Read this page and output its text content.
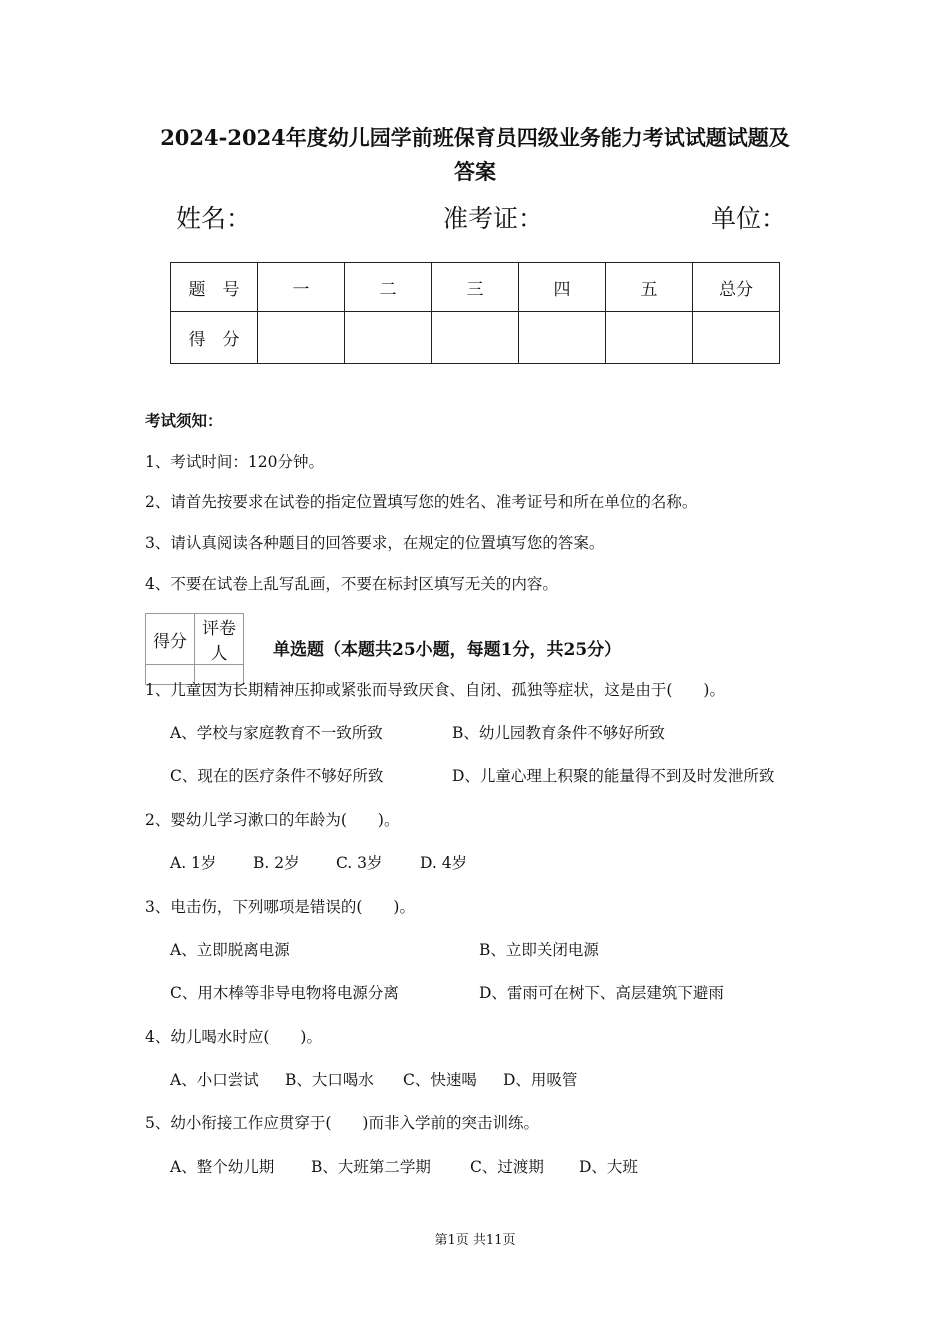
2024-2024年度幼儿园学前班保育员四级业务能力考试试题试题及
答案
姓名：	准考证：	单位：
题　号	一	二	三	四	五	总分
得　分						
考试须知：
1、考试时间：120分钟。
2、请首先按要求在试卷的指定位置填写您的姓名、准考证号和所在单位的名称。
3、请认真阅读各种题目的回答要求，在规定的位置填写您的答案。
4、不要在试卷上乱写乱画，不要在标封区填写无关的内容。
得分	评卷人
		单选题（本题共25小题，每题1分，共25分）
1、儿童因为长期精神压抑或紧张而导致厌食、自闭、孤独等症状，这是由于(　　)。
A、学校与家庭教育不一致所致	B、幼儿园教育条件不够好所致
C、现在的医疗条件不够好所致	D、儿童心理上积聚的能量得不到及时发泄所致
2、婴幼儿学习漱口的年龄为(　　)。
A. 1岁 B. 2岁 C. 3岁 D. 4岁
3、电击伤，下列哪项是错误的(　　)。
A、立即脱离电源	B、立即关闭电源
C、用木棒等非导电物将电源分离	D、雷雨可在树下、高层建筑下避雨
4、幼儿喝水时应(　　)。
A、小口尝试 B、大口喝水 C、快速喝 D、用吸管
5、幼小衔接工作应贯穿于(　　)而非入学前的突击训练。
A、整个幼儿期 B、大班第二学期	C、过渡期 D、大班
第1页 共11页
